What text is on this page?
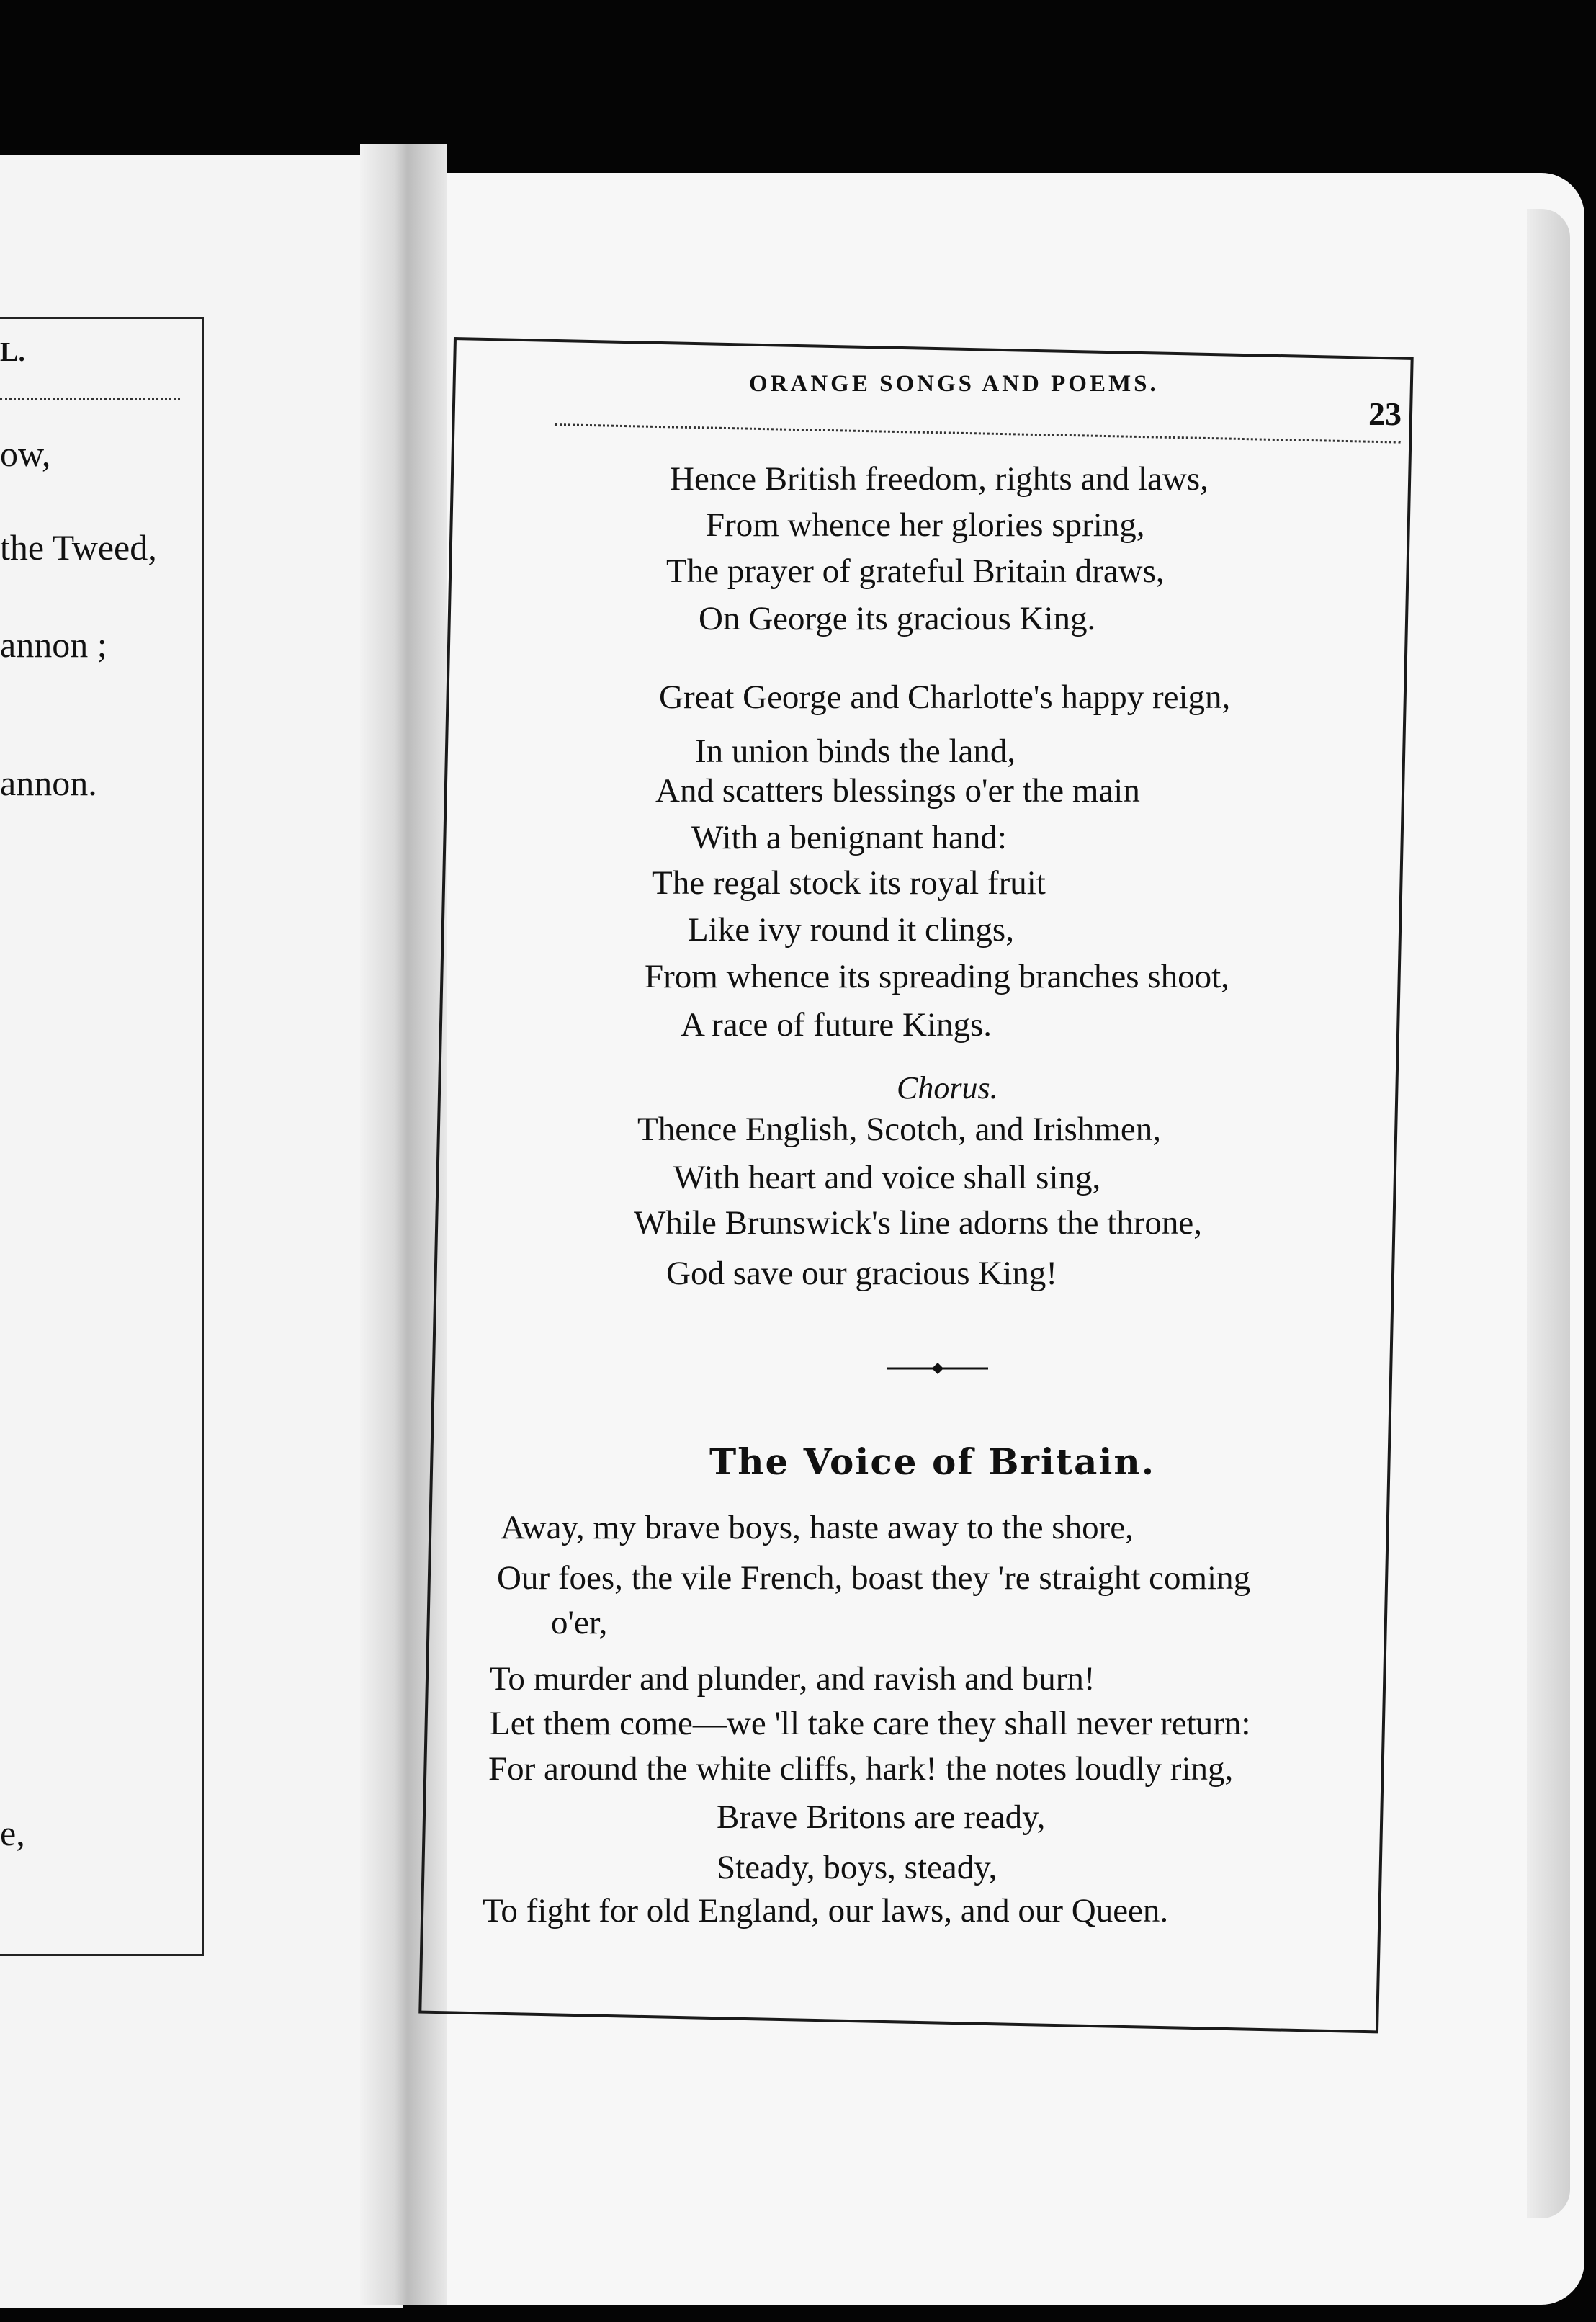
L.
ow,
the Tweed,
annon ;
annon.
e,
ORANGE SONGS AND POEMS.
23
Hence British freedom, rights and laws,
From whence her glories spring,
The prayer of grateful Britain draws,
On George its gracious King.
Great George and Charlotte's happy reign,
In union binds the land,
And scatters blessings o'er the main
With a benignant hand:
The regal stock its royal fruit
Like ivy round it clings,
From whence its spreading branches shoot,
A race of future Kings.
Chorus.
Thence English, Scotch, and Irishmen,
With heart and voice shall sing,
While Brunswick's line adorns the throne,
God save our gracious King!
The Voice of Britain.
Away, my brave boys, haste away to the shore,
Our foes, the vile French, boast they 're straight coming
o'er,
To murder and plunder, and ravish and burn!
Let them come—we 'll take care they shall never return:
For around the white cliffs, hark! the notes loudly ring,
Brave Britons are ready,
Steady, boys, steady,
To fight for old England, our laws, and our Queen.
